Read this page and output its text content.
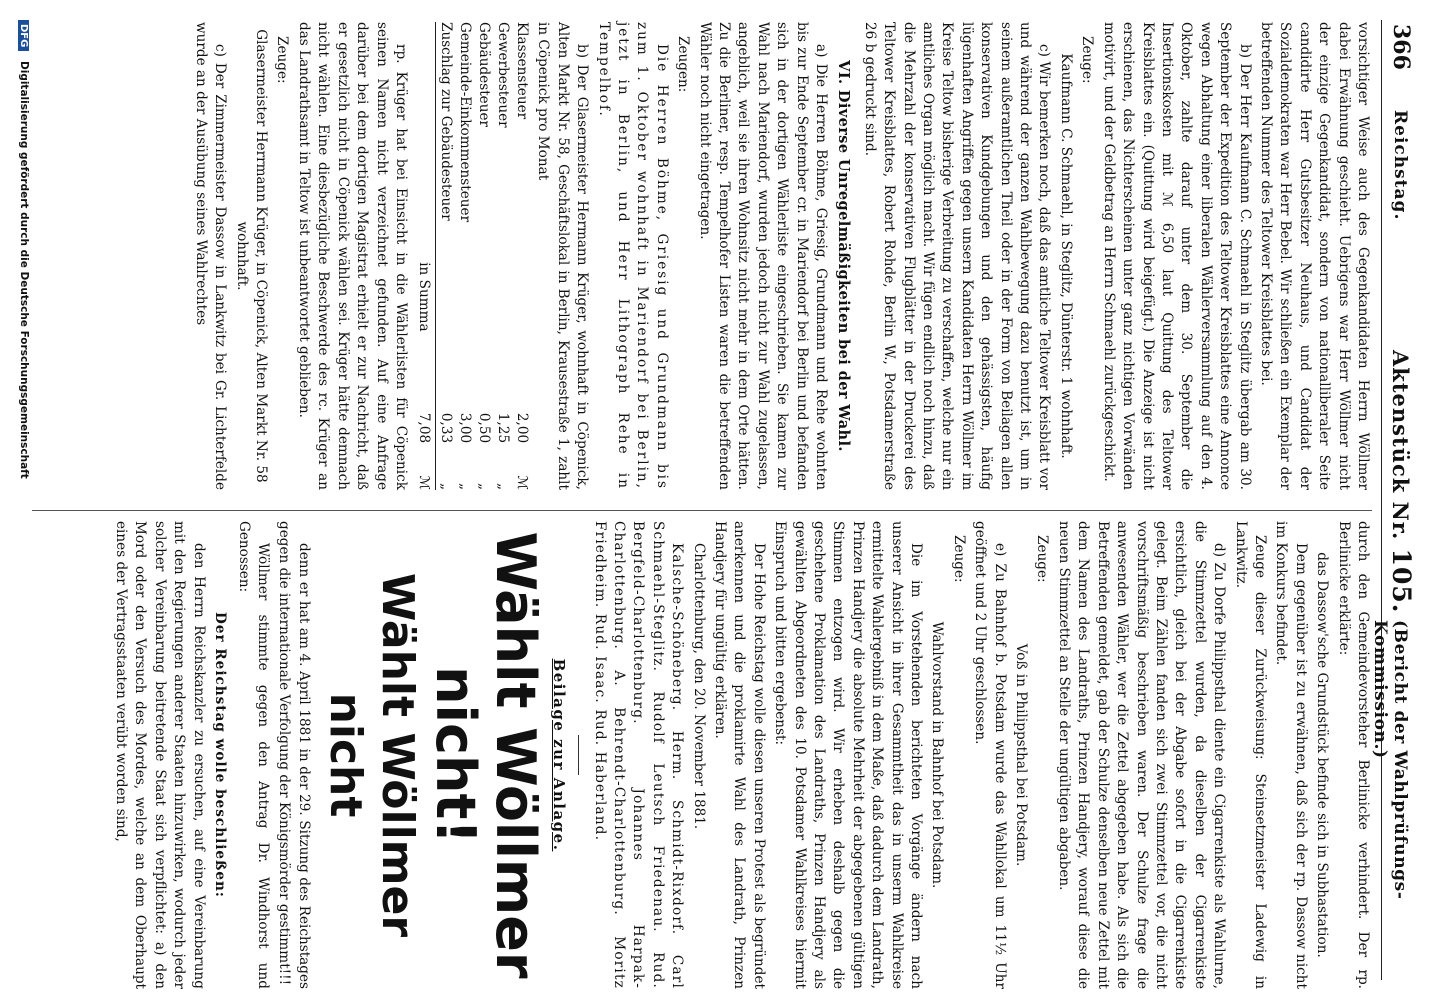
366
Reichstag.
Aktenstück Nr. 105.
(Bericht der Wahlprüfungs-Kommission.)

vorsichtiger Weise auch des Gegenkandidaten Herrn Wöllmer dabei Erwähnung geschieht. Uebrigens war Herr Wöllmer nicht der einzige Gegenkandidat, sondern von nationalliberaler Seite candidirte Herr Gutsbesitzer Neuhaus, und Candidat der Sozialdemokraten war Herr Bebel. Wir schließen ein Exemplar der betreffenden Nummer des Teltower Kreisblattes bei.

b) Der Herr Kaufmann C. Schmaehl in Steglitz übergab am 30. September der Expedition des Teltower Kreisblattes eine Annonce wegen Abhaltung einer liberalen Wählerversammlung auf den 4. Oktober, zahlte darauf unter dem 30. September die Insertionskosten mit ℳ 6,50 laut Quittung des Teltower Kreisblattes ein. (Quittung wird beigefügt.) Die Anzeige ist nicht erschienen, das Nichterscheinen unter ganz nichtigen Vorwänden motivirt, und der Geldbetrag an Herrn Schmaehl zurückgeschickt.

Zeuge:

Kaufmann C. Schmaehl, in Steglitz, Dünterstr. 1 wohnhaft.

c) Wir bemerken noch, daß das amtliche Teltower Kreisblatt vor und während der ganzen Wahlbewegung dazu benutzt ist, um in seinem außeramtlichen Theil oder in der Form von Beilagen allen konservativen Kundgebungen und den gehässigsten, häufig lügenhaften Angriffen gegen unsern Kandidaten Herrn Wöllmer im Kreise Teltow bisherige Verbreitung zu verschaffen, welche nur ein amtliches Organ möglich macht. Wir fügen endlich noch hinzu, daß die Mehrzahl der konservativen Flugblätter in der Druckerei des Teltower Kreisblattes, Robert Rohde, Berlin W., Potsdamerstraße 26 b gedruckt sind.

VI. Diverse Unregelmäßigkeiten bei der Wahl.

a) Die Herren Böhme, Griesig, Grundmann und Rehe wohnten bis zur Ende September cr. in Mariendorf bei Berlin und befanden sich in der dortigen Wählerliste eingeschrieben. Sie kamen zur Wahl nach Mariendorf, wurden jedoch nicht zur Wahl zugelassen, angeblich, weil sie ihren Wohnsitz nicht mehr in dem Orte hätten. Zu die Berliner, resp. Tempelhofer Listen waren die betreffenden Wähler noch nicht eingetragen.

Zeugen:

Die Herren Böhme, Griesig und Grundmann bis zum 1. Oktober wohnhaft in Mariendorf bei Berlin, jetzt in Berlin, und Herr Lithograph Rehe in Tempelhof.

b) Der Glasermeister Hermann Krüger, wohnhaft in Cöpenick, Alten Markt Nr. 58, Geschäftslokal in Berlin, Krausestraße 1, zahlt in Cöpenick pro Monat

Klassensteuer	2,00	ℳ
Gewerbesteuer	1,25	„
Gebäudesteuer	0,50	„
Gemeinde-Einkommensteuer	3,00	„
Zuschlag zur Gebäudesteuer	0,33	„
in Summa	7,08	ℳ

rp. Krüger hat bei Einsicht in die Wählerlisten für Cöpenick seinen Namen nicht verzeichnet gefunden. Auf eine Anfrage darüber bei dem dortigen Magistrat erhielt er zur Nachricht, daß er gesetzlich nicht in Cöpenick wählen sei. Krüger hätte demnach nicht wählen. Eine diesbezügliche Beschwerde des rc. Krüger an das Landrathsamt in Teltow ist unbeantwortet geblieben.

Zeuge:

Glasermeister Herrmann Krüger, in Cöpenick, Alten Markt Nr. 58 wohnhaft.

c) Der Zimmermeister Dassow in Lankwitz bei Gr. Lichterfelde wurde an der Ausübung seines Wahlrechtes

durch den Gemeindevorsteher Berlinicke verhindert. Der rp. Berlinicke erklärte:

das Dassow'sche Grundstück befinde sich in Subhastation.

Dem gegenüber ist zu erwähnen, daß sich der rp. Dassow nicht im Konkurs befindet.

Zeuge dieser Zurückweisung: Steinsetzmeister Ladewig in Lankwitz.

d) Zu Dorfe Philippsthal diente ein Cigarrenkiste als Wahlurne, die Stimmzettel wurden, da dieselben der Cigarrenkiste ersichtlich, gleich bei der Abgabe sofort in die Cigarrenkiste gelegt. Beim Zählen fanden sich zwei Stimmzettel vor, die nicht vorschriftsmäßig beschrieben waren. Der Schulze frage die anwesenden Wähler, wer die Zettel abgegeben habe. Als sich die Betreffenden gemeldet, gab der Schulze denselben neue Zettel mit dem Namen des Landraths, Prinzen Handjery, worauf diese die neuen Stimmzettel an Stelle der ungültigen abgaben.

Zeuge:

Voß in Philippsthal bei Potsdam.

e) Zu Bahnhof b. Potsdam wurde das Wahllokal um 11½ Uhr geöffnet und 2 Uhr geschlossen.

Zeuge:

Wahlvorstand in Bahnhof bei Potsdam.

Die im Vorstehenden berichteten Vorgänge ändern nach unserer Ansicht in ihrer Gesammtheit das in unserm Wahlkreise ermittelte Wahlergebniß in dem Maße, daß dadurch dem Landrath, Prinzen Handjery die absolute Mehrheit der abgegebenen gültigen Stimmen entzogen wird. Wir erheben deshalb gegen die geschehene Proklamation des Landraths, Prinzen Handjery als gewählten Abgeordneten des 10. Potsdamer Wahlkreises hiermit Einspruch und bitten ergebenst:

Der Hohe Reichstag wolle diesen unseren Protest als begründet anerkennen und die proklamirte Wahl des Landrath, Prinzen Handjery für ungültig erklären.

Charlottenburg, den 20. November 1881.

Kalsche-Schöneberg. Herm. Schmidt-Rixdorf. Carl Schmaehl-Steglitz. Rudolf Leutsch Friedenau. Rud. Bergfeld-Charlottenburg. Johannes Harpak-Charlottenburg. A. Behrendt-Charlottenburg. Moritz Friedheim. Rud. Isaac. Rud. Haberland.

Beilage zur Anlage.
Wählt Wöllmer nicht!
Wählt Wöllmer nicht

denn er hat am 4. April 1881 in der 29. Sitzung des Reichstages gegen die internationale Verfolgung der Königsmörder gestimmt!!!

Wöllmer stimmte gegen den Antrag Dr. Windhorst und Genossen:

Der Reichstag wolle beschließen:

den Herrn Reichskanzler zu ersuchen, auf eine Vereinbarung mit den Regierungen anderer Staaten hinzuwirken, wodurch jeder solcher Vereinbarung beitretende Staat sich verpflichtet: a) den Mord oder den Versuch des Mordes, welche an dem Oberhaupt eines der Vertragsstaaten verübt worden sind,

DFG Digitalisierung gefördert durch die Deutsche Forschungsgemeinschaft
